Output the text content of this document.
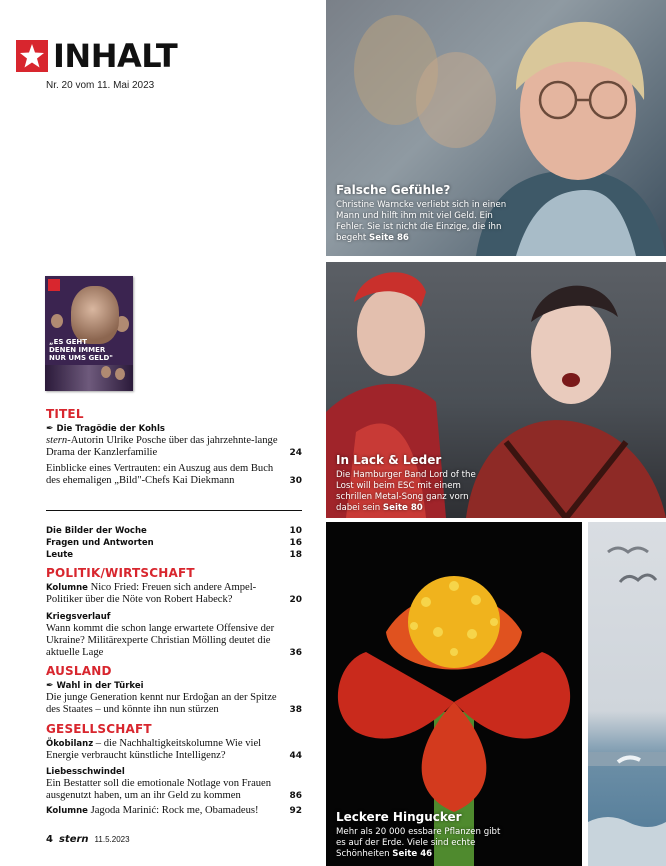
INHALT
Nr. 20 vom 11. Mai 2023
„ES GEHT DENEN IMMER NUR UMS GELD"
TITEL
✒ Die Tragödie der Kohls
stern-Autorin Ulrike Posche über das jahrzehnte-lange Drama der Kanzlerfamilie	24
Einblicke eines Vertrauten: ein Auszug aus dem Buch des ehemaligen „Bild"-Chefs Kai Diekmann	30
Die Bilder der Woche	10
Fragen und Antworten	16
Leute	18
POLITIK/WIRTSCHAFT
Kolumne Nico Fried: Freuen sich andere Ampel-Politiker über die Nöte von Robert Habeck?	20
Kriegsverlauf
Wann kommt die schon lange erwartete Offensive der Ukraine? Militärexperte Christian Mölling deutet die aktuelle Lage	36
AUSLAND
✒ Wahl in der Türkei
Die junge Generation kennt nur Erdoğan an der Spitze des Staates – und könnte ihn nun stürzen	38
GESELLSCHAFT
Ökobilanz – die Nachhaltigkeitskolumne Wie viel Energie verbraucht künstliche Intelligenz?	44
Liebesschwindel
Ein Bestatter soll die emotionale Notlage von Frauen ausgenutzt haben, um an ihr Geld zu kommen	86
Kolumne Jagoda Marinić: Rock me, Obamadeus!	92
4 stern 11.5.2023
Falsche Gefühle?
Christine Warncke verliebt sich in einen Mann und hilft ihm mit viel Geld. Ein Fehler. Sie ist nicht die Einzige, die ihn begeht Seite 86
In Lack & Leder
Die Hamburger Band Lord of the Lost will beim ESC mit einem schrillen Metal-Song ganz vorn dabei sein Seite 80
Leckere Hingucker
Mehr als 20 000 essbare Pflanzen gibt es auf der Erde. Viele sind echte Schönheiten Seite 46
